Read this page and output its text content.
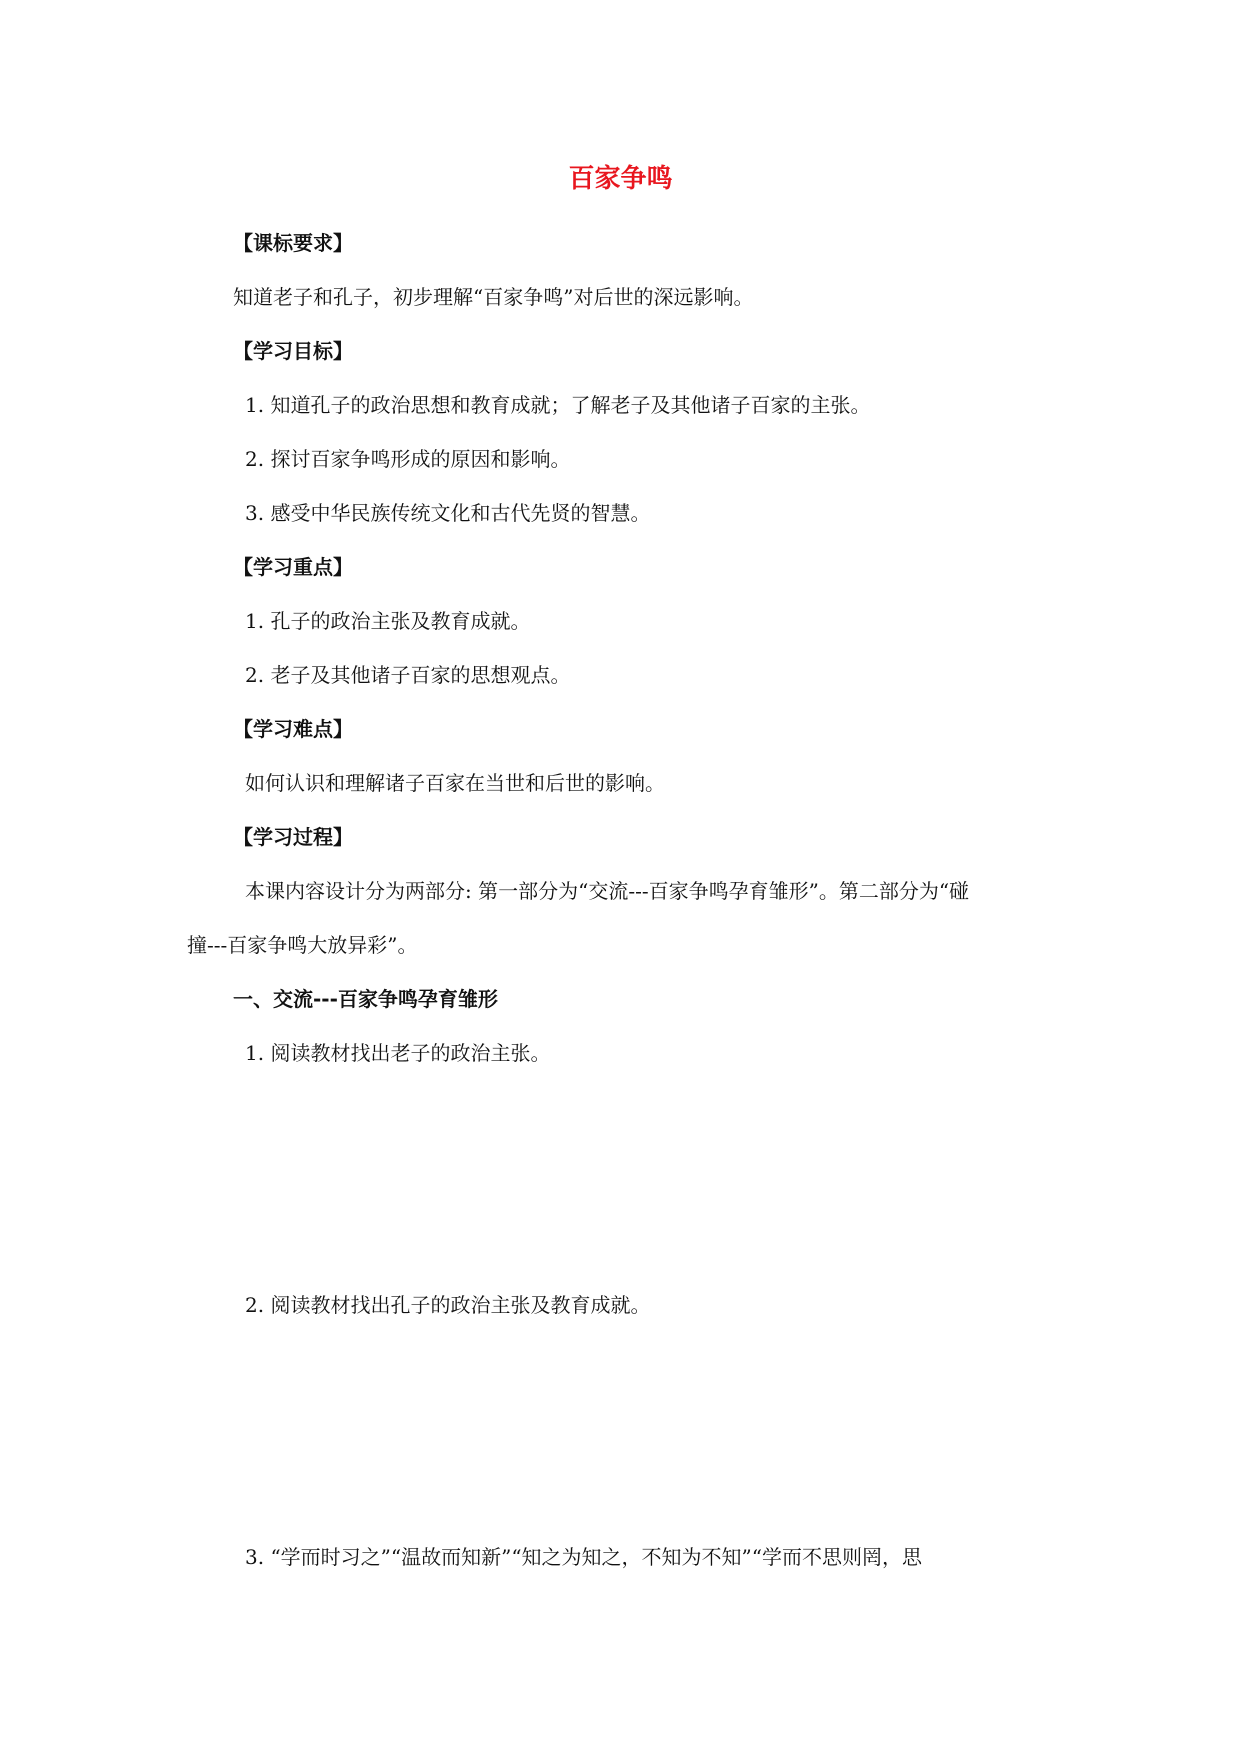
百家争鸣
【课标要求】
知道老子和孔子，初步理解“百家争鸣”对后世的深远影响。
【学习目标】
1. 知道孔子的政治思想和教育成就；了解老子及其他诸子百家的主张。
2. 探讨百家争鸣形成的原因和影响。
3. 感受中华民族传统文化和古代先贤的智慧。
【学习重点】
1. 孔子的政治主张及教育成就。
2. 老子及其他诸子百家的思想观点。
【学习难点】
如何认识和理解诸子百家在当世和后世的影响。
【学习过程】
本课内容设计分为两部分: 第一部分为“交流---百家争鸣孕育雏形”。第二部分为“碰
撞---百家争鸣大放异彩”。
一、交流---百家争鸣孕育雏形
1. 阅读教材找出老子的政治主张。
2. 阅读教材找出孔子的政治主张及教育成就。
3. “学而时习之”“温故而知新”“知之为知之，不知为不知”“学而不思则罔，思
